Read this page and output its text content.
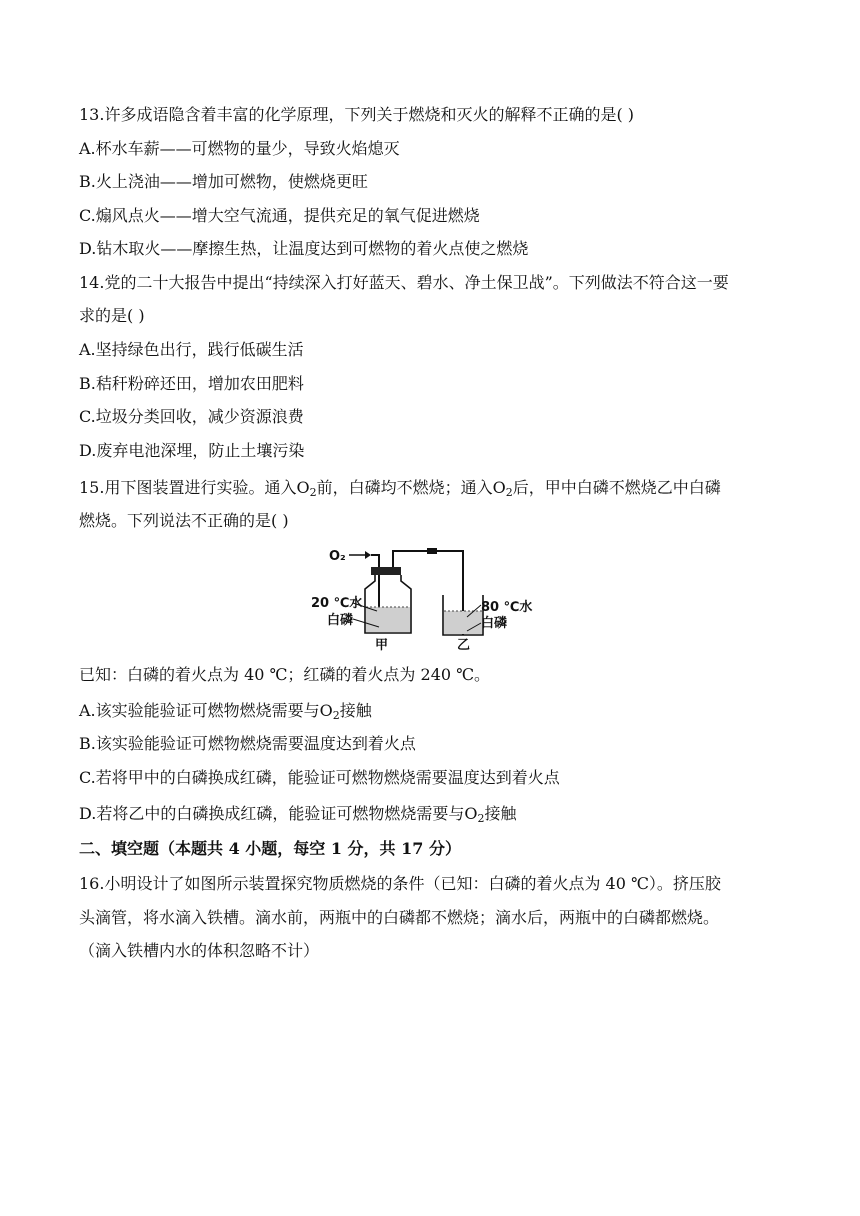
13.许多成语隐含着丰富的化学原理，下列关于燃烧和灭火的解释不正确的是( )
A.杯水车薪——可燃物的量少，导致火焰熄灭
B.火上浇油——增加可燃物，使燃烧更旺
C.煽风点火——增大空气流通，提供充足的氧气促进燃烧
D.钻木取火——摩擦生热，让温度达到可燃物的着火点使之燃烧
14.党的二十大报告中提出“持续深入打好蓝天、碧水、净土保卫战”。下列做法不符合这一要
求的是( )
A.坚持绿色出行，践行低碳生活
B.秸秆粉碎还田，增加农田肥料
C.垃圾分类回收，减少资源浪费
D.废弃电池深埋，防止土壤污染
15.用下图装置进行实验。通入$O_2$前，白磷均不燃烧；通入$O_2$后，甲中白磷不燃烧乙中白磷
燃烧。下列说法不正确的是( )
O₂
20 ℃水
白磷
80 ℃水
白磷
甲	乙
已知：白磷的着火点为 40 ℃；红磷的着火点为 240 ℃。
A.该实验能验证可燃物燃烧需要与$O_2$接触
B.该实验能验证可燃物燃烧需要温度达到着火点
C.若将甲中的白磷换成红磷，能验证可燃物燃烧需要温度达到着火点
D.若将乙中的白磷换成红磷，能验证可燃物燃烧需要与$O_2$接触
二、填空题（本题共 4 小题，每空 1 分，共 17 分）
16.小明设计了如图所示装置探究物质燃烧的条件（已知：白磷的着火点为 40 ℃）。挤压胶
头滴管，将水滴入铁槽。滴水前，两瓶中的白磷都不燃烧；滴水后，两瓶中的白磷都燃烧。
（滴入铁槽内水的体积忽略不计）
